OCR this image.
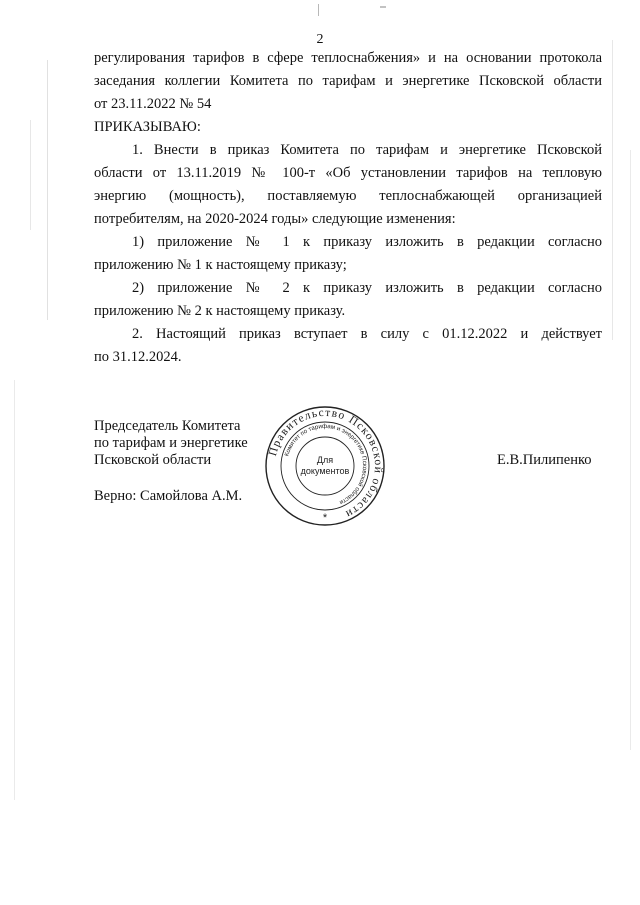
2
регулирования тарифов в сфере теплоснабжения» и на основании протокола
заседания коллегии Комитета по тарифам и энергетике Псковской области
от 23.11.2022 № 54
ПРИКАЗЫВАЮ:
1. Внести в приказ Комитета по тарифам и энергетике Псковской
области от 13.11.2019 № 100-т «Об установлении тарифов на тепловую
энергию (мощность), поставляемую теплоснабжающей организацией
потребителям, на 2020-2024 годы» следующие изменения:
1) приложение № 1 к приказу изложить в редакции согласно
приложению № 1 к настоящему приказу;
2) приложение № 2 к приказу изложить в редакции согласно
приложению № 2 к настоящему приказу.
2. Настоящий приказ вступает в силу с 01.12.2022 и действует
по 31.12.2024.
Председатель Комитета
по тарифам и энергетике
Псковской области	Е.В.Пилипенко
Верно: Самойлова А.М.
Правительство Псковской области
Комитет по тарифам и энергетике Псковской области
Для
документов
*
